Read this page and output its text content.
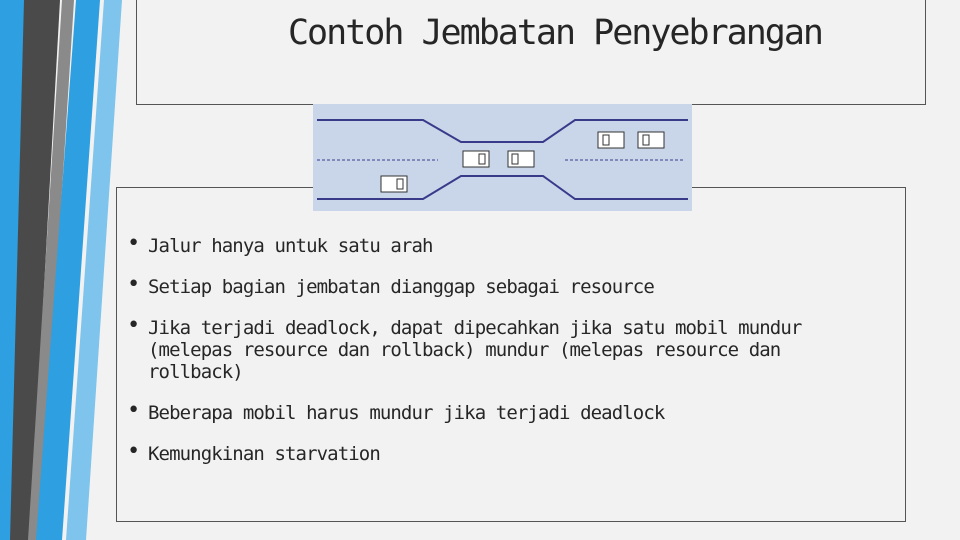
Contoh Jembatan Penyebrangan
• Jalur hanya untuk satu arah
• Setiap bagian jembatan dianggap sebagai resource
• Jika terjadi deadlock, dapat dipecahkan jika satu mobil mundur (melepas resource dan rollback) mundur (melepas resource dan rollback)
• Beberapa mobil harus mundur jika terjadi deadlock
• Kemungkinan starvation
